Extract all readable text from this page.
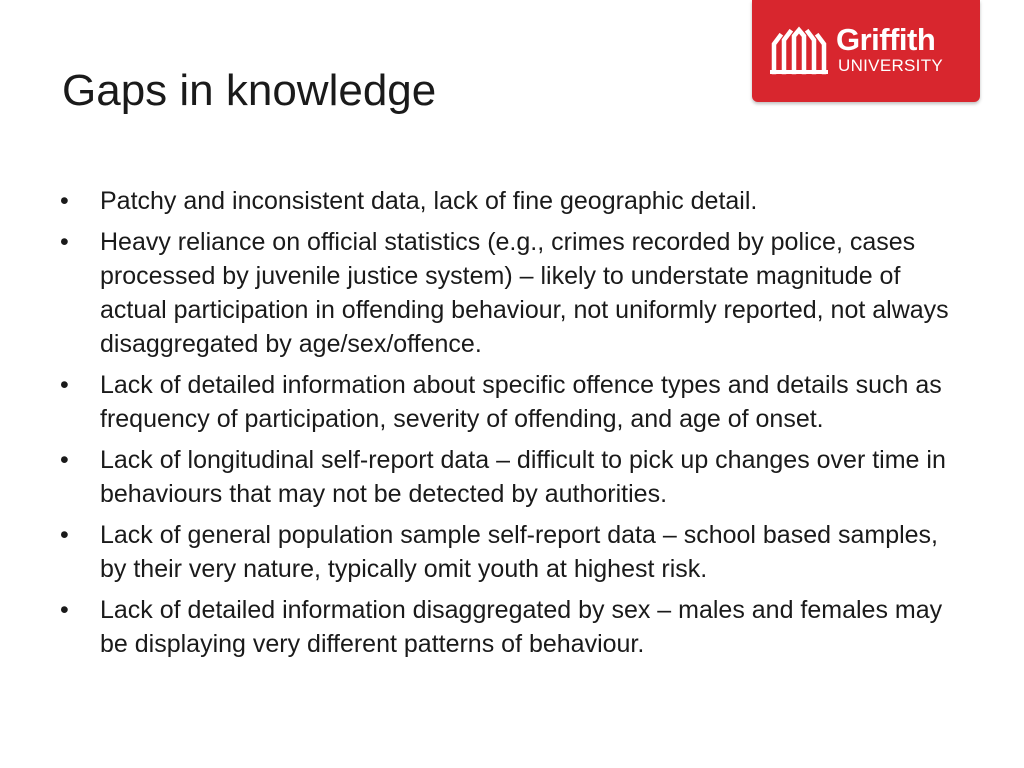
Gaps in knowledge
Griffith
UNIVERSITY
•	Patchy and inconsistent data, lack of fine geographic detail.
•	Heavy reliance on official statistics (e.g., crimes recorded by police, cases processed by juvenile justice system) – likely to understate magnitude of actual participation in offending behaviour, not uniformly reported, not always disaggregated by age/sex/offence.
•	Lack of detailed information about specific offence types and details such as frequency of participation, severity of offending, and age of onset.
•	Lack of longitudinal self-report data – difficult to pick up changes over time in behaviours that may not be detected by authorities.
•	Lack of general population sample self-report data – school based samples, by their very nature, typically omit youth at highest risk.
•	Lack of detailed information disaggregated by sex – males and females may be displaying very different patterns of behaviour.
